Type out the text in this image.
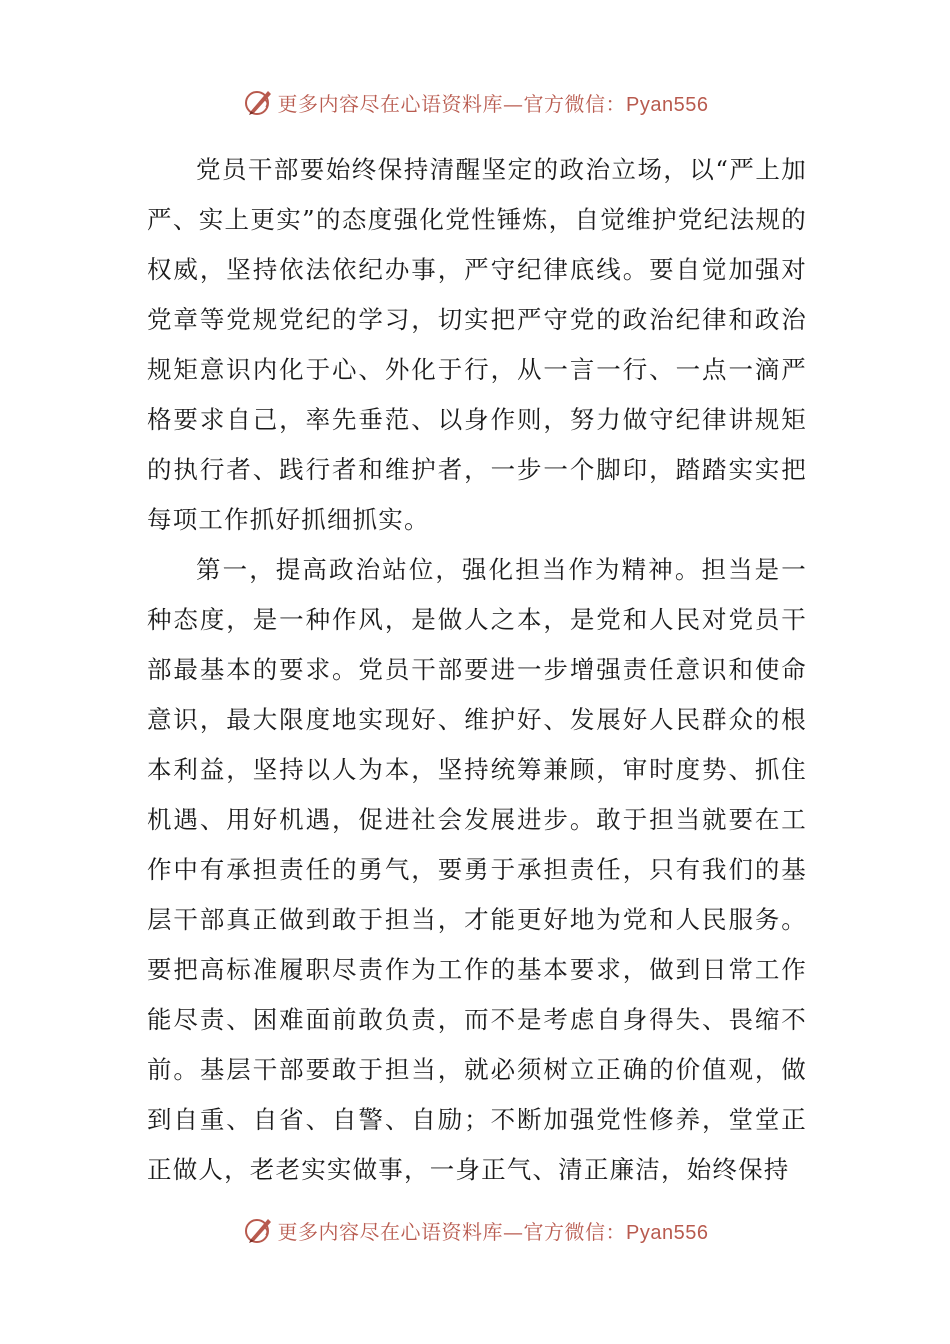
更多内容尽在心语资料库—官方微信：Pyan556

党员干部要始终保持清醒坚定的政治立场，以“严上加严、实上更实”的态度强化党性锤炼，自觉维护党纪法规的权威，坚持依法依纪办事，严守纪律底线。要自觉加强对党章等党规党纪的学习，切实把严守党的政治纪律和政治规矩意识内化于心、外化于行，从一言一行、一点一滴严格要求自己，率先垂范、以身作则，努力做守纪律讲规矩的执行者、践行者和维护者，一步一个脚印，踏踏实实把每项工作抓好抓细抓实。

第一，提高政治站位，强化担当作为精神。担当是一种态度，是一种作风，是做人之本，是党和人民对党员干部最基本的要求。党员干部要进一步增强责任意识和使命意识，最大限度地实现好、维护好、发展好人民群众的根本利益，坚持以人为本，坚持统筹兼顾，审时度势、抓住机遇、用好机遇，促进社会发展进步。敢于担当就要在工作中有承担责任的勇气，要勇于承担责任，只有我们的基层干部真正做到敢于担当，才能更好地为党和人民服务。要把高标准履职尽责作为工作的基本要求，做到日常工作能尽责、困难面前敢负责，而不是考虑自身得失、畏缩不前。基层干部要敢于担当，就必须树立正确的价值观，做到自重、自省、自警、自励；不断加强党性修养，堂堂正正做人，老老实实做事，一身正气、清正廉洁，始终保持

更多内容尽在心语资料库—官方微信：Pyan556
